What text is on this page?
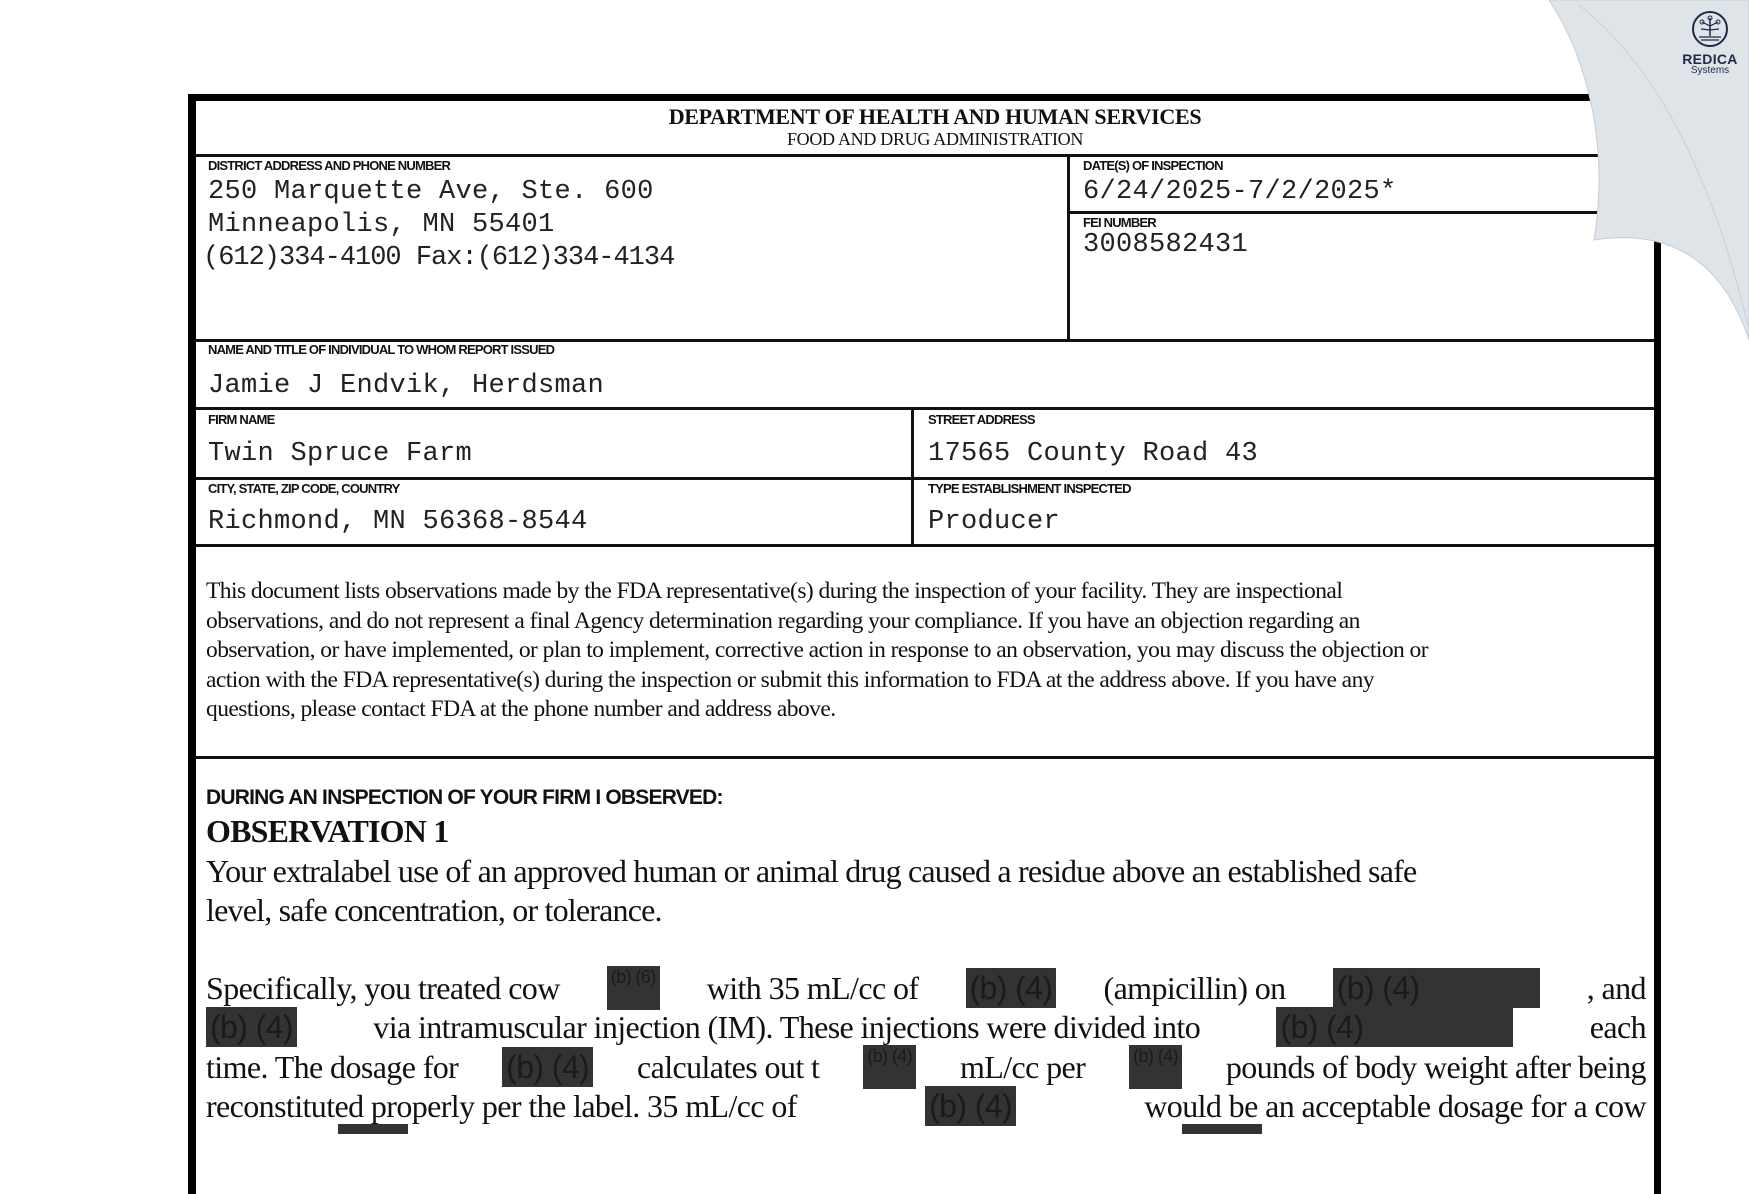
DEPARTMENT OF HEALTH AND HUMAN SERVICES
FOOD AND DRUG ADMINISTRATION
DISTRICT ADDRESS AND PHONE NUMBER
250 Marquette Ave, Ste. 600
Minneapolis, MN 55401
(612)334-4100 Fax:(612)334-4134
DATE(S) OF INSPECTION
6/24/2025-7/2/2025*
FEI NUMBER
3008582431
NAME AND TITLE OF INDIVIDUAL TO WHOM REPORT ISSUED
Jamie J Endvik, Herdsman
FIRM NAME
Twin Spruce Farm
STREET ADDRESS
17565 County Road 43
CITY, STATE, ZIP CODE, COUNTRY
Richmond, MN 56368-8544
TYPE ESTABLISHMENT INSPECTED
Producer
This document lists observations made by the FDA representative(s) during the inspection of your facility. They are inspectional
observations, and do not represent a final Agency determination regarding your compliance. If you have an objection regarding an
observation, or have implemented, or plan to implement, corrective action in response to an observation, you may discuss the objection or
action with the FDA representative(s) during the inspection or submit this information to FDA at the address above. If you have any
questions, please contact FDA at the phone number and address above.
DURING AN INSPECTION OF YOUR FIRM I OBSERVED:
OBSERVATION 1
Your extralabel use of an approved human or animal drug caused a residue above an established safe
level, safe concentration, or tolerance.
Specifically, you treated cow	(b) (6) with 35 mL/cc of (b) (4) (ampicillin) on (b) (4)	, and
(b) (4)	via intramuscular injection (IM). These injections were divided into	(b) (4)	each
time. The dosage for (b) (4) calculates out t	(b) (4) mL/cc per	(b) (4) pounds of body weight after being
reconstituted properly per the label. 35 mL/cc of	(b) (4)	would be an acceptable dosage for a cow
REDICA
Systems
